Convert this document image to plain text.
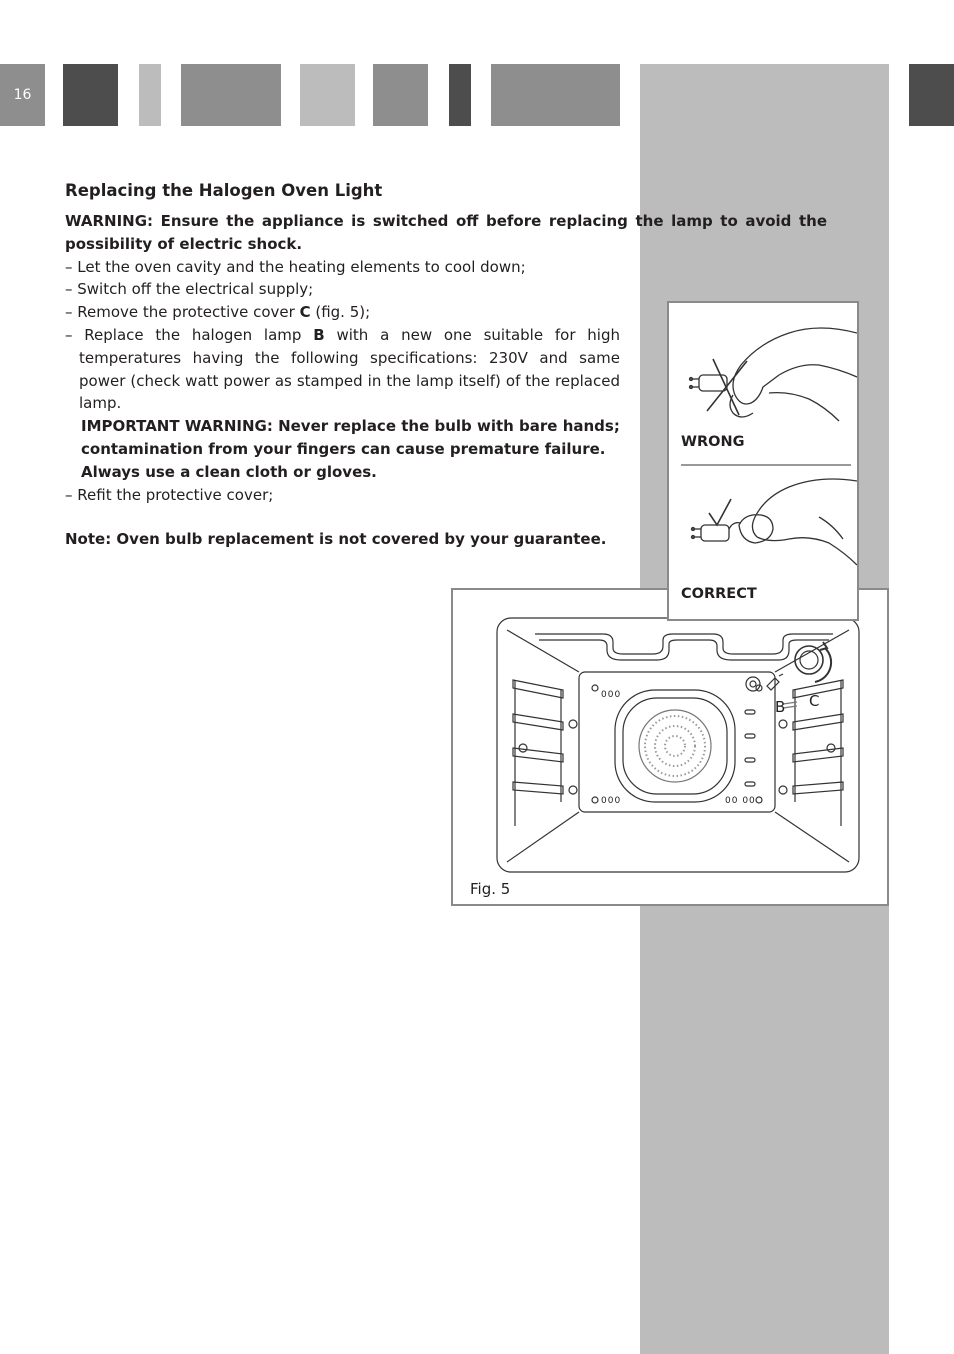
16
Replacing the Halogen Oven Light

WARNING: Ensure the appliance is switched off before replacing the lamp to avoid the possibility of electric shock.

– Let the oven cavity and the heating elements to cool down;
– Switch off the electrical supply;
– Remove the protective cover C (fig. 5);
– Replace the halogen lamp B with a new one suitable for high temperatures having the following specifications: 230V and same power (check watt power as stamped in the lamp itself) of the replaced lamp.

IMPORTANT WARNING: Never replace the bulb with bare hands; contamination from your fingers can cause premature failure. Always use a clean cloth or gloves.

– Refit the protective cover;

Note: Oven bulb replacement is not covered by your guarantee.

000
000	00 00
B C
Fig. 5
WRONG
CORRECT
